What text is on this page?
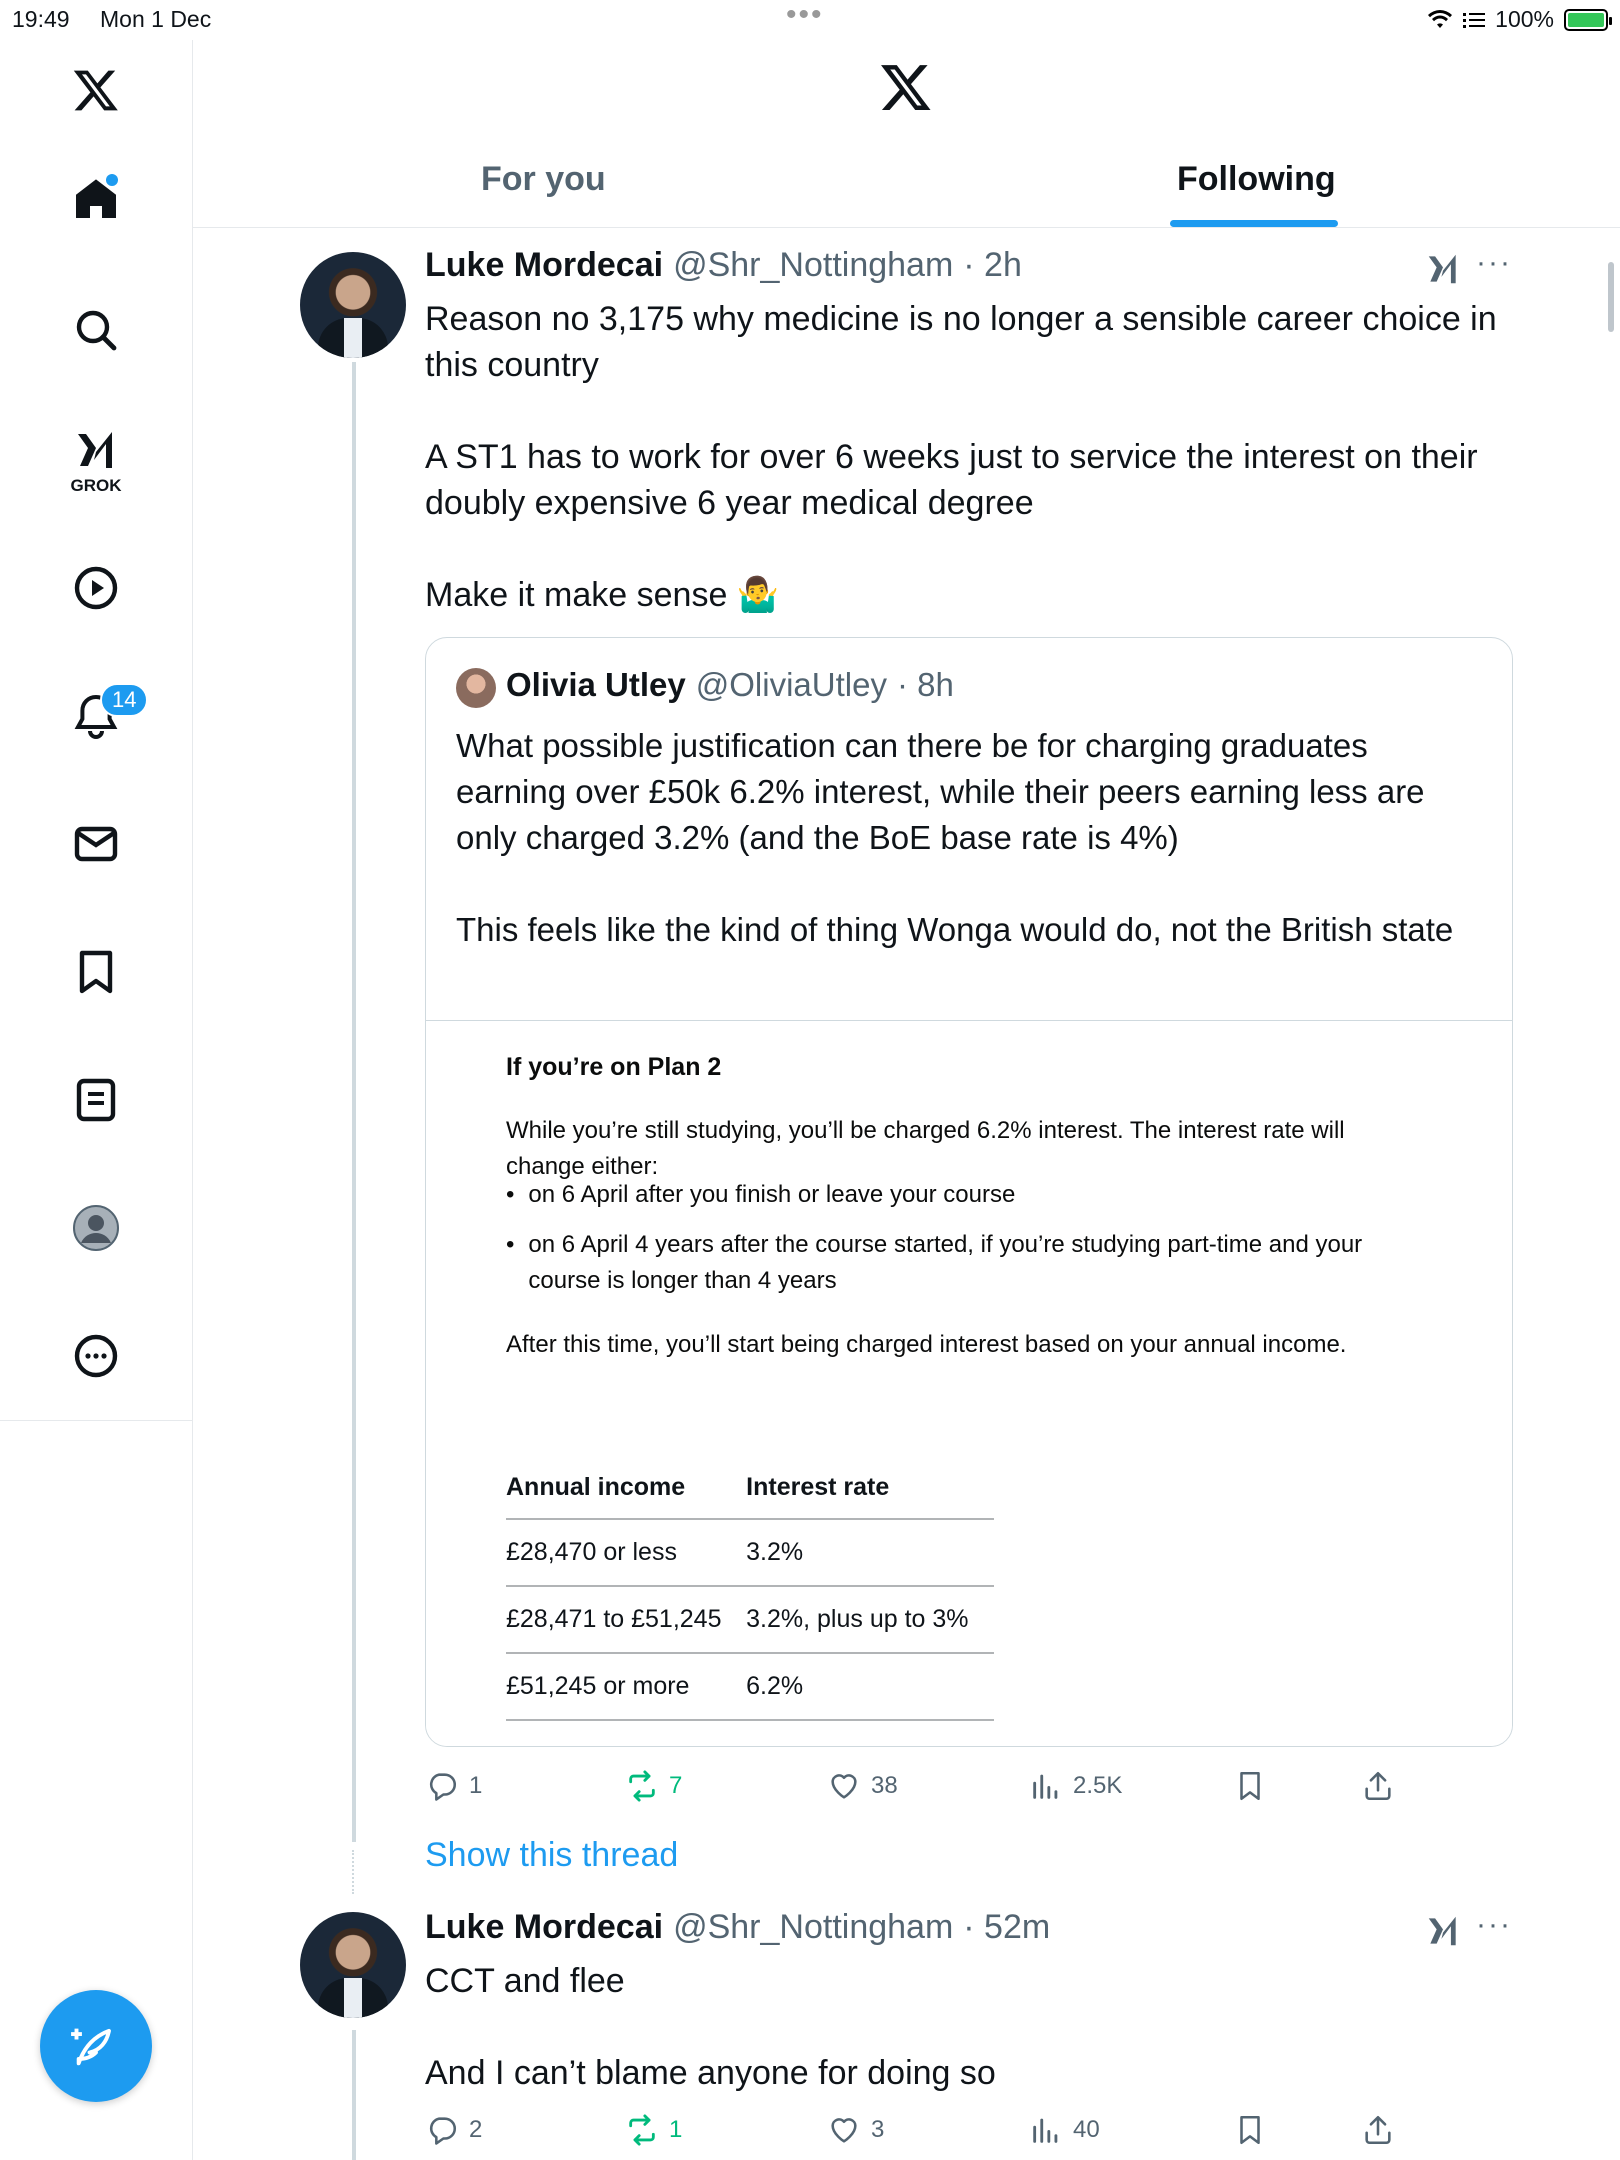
19:49 Mon 1 Dec	•••	100%
GROK
14
For you	Following
Luke Mordecai @Shr_Nottingham · 2h	···

Reason no 3,175 why medicine is no longer a sensible career choice in this country

A ST1 has to work for over 6 weeks just to service the interest on their doubly expensive 6 year medical degree

Make it make sense 🤷‍♂️

Olivia Utley @OliviaUtley · 8h

What possible justification can there be for charging graduates earning over £50k 6.2% interest, while their peers earning less are only charged 3.2% (and the BoE base rate is 4%)

This feels like the kind of thing Wonga would do, not the British state

If you’re on Plan 2
While you’re still studying, you’ll be charged 6.2% interest. The interest rate will change either:
• on 6 April after you finish or leave your course
• on 6 April 4 years after the course started, if you’re studying part-time and your course is longer than 4 years
After this time, you’ll start being charged interest based on your annual income.
Annual income	Interest rate
£28,470 or less	3.2%
£28,471 to £51,245	3.2%, plus up to 3%
£51,245 or more	6.2%
1	7	38	2.5K
Show this thread
Luke Mordecai @Shr_Nottingham · 52m	···

CCT and flee

And I can’t blame anyone for doing so

2	1	3	40
